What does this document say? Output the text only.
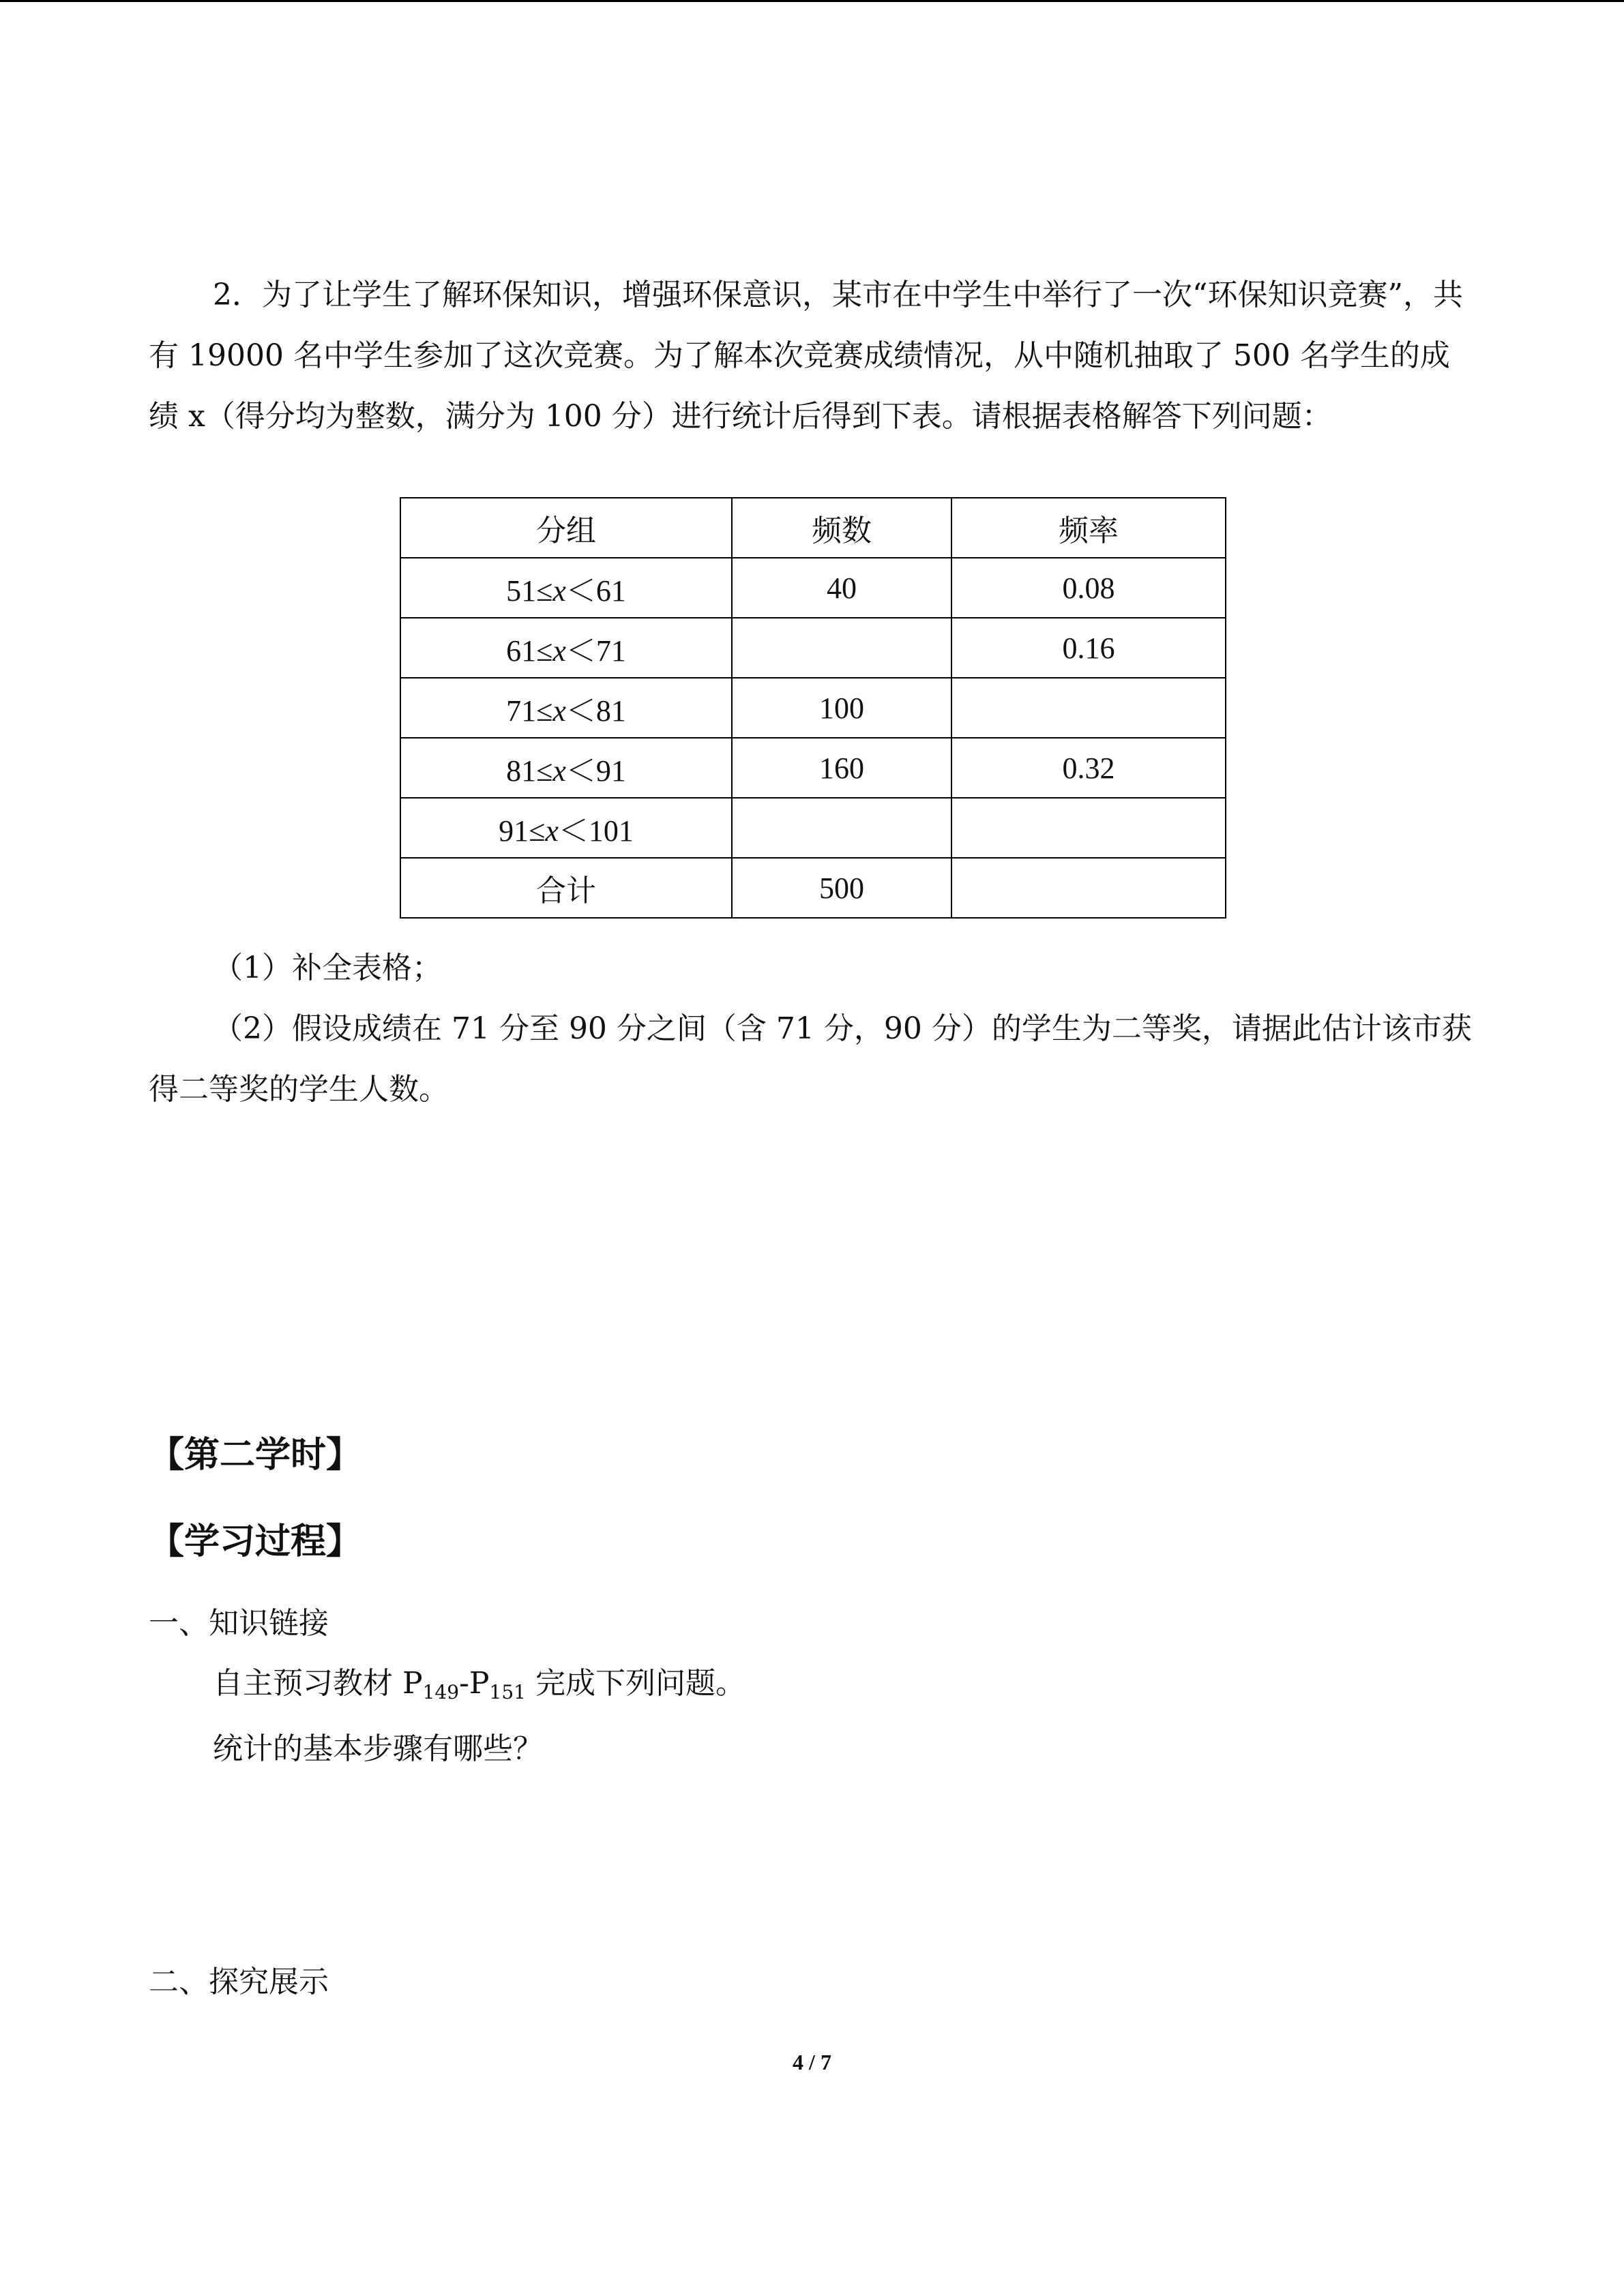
2．为了让学生了解环保知识，增强环保意识，某市在中学生中举行了一次“环保知识竞赛”，共有 19000 名中学生参加了这次竞赛。为了解本次竞赛成绩情况，从中随机抽取了 500 名学生的成绩 x（得分均为整数，满分为 100 分）进行统计后得到下表。请根据表格解答下列问题：

分组	频数	频率
51≤x＜61	40	0.08
61≤x＜71		0.16
71≤x＜81	100	
81≤x＜91	160	0.32
91≤x＜101		
合计	500	

（1）补全表格；

（2）假设成绩在 71 分至 90 分之间（含 71 分，90 分）的学生为二等奖，请据此估计该市获得二等奖的学生人数。

【第二学时】

【学习过程】

一、知识链接

自主预习教材 $P_{149}-P_{151}$ 完成下列问题。

统计的基本步骤有哪些？

二、探究展示

4 / 7
